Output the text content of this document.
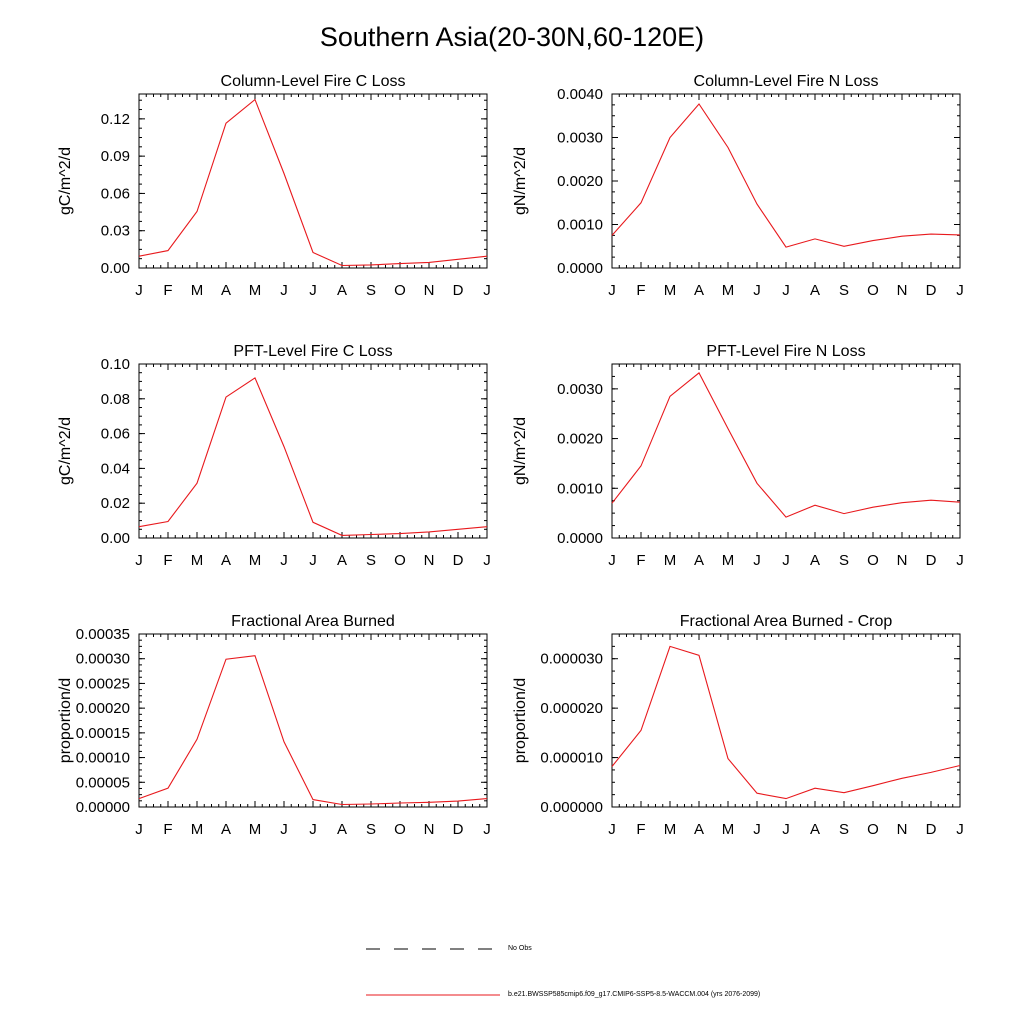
Southern Asia(20-30N,60-120E)
J F M A M J J A S O N D J
0.00
0.03
0.06
0.09
0.12
Column-Level Fire C Loss
gC/m^2/d
J F M A M J J A S O N D J
0.0000
0.0010
0.0020
0.0030
0.0040
Column-Level Fire N Loss
gN/m^2/d
J F M A M J J A S O N D J
0.00
0.02
0.04
0.06
0.08
0.10
PFT-Level Fire C Loss
gC/m^2/d
J F M A M J J A S O N D J
0.0000
0.0010
0.0020
0.0030
PFT-Level Fire N Loss
gN/m^2/d
J F M A M J J A S O N D J
0.00000
0.00005
0.00010
0.00015
0.00020
0.00025
0.00030
0.00035
Fractional Area Burned
proportion/d
J F M A M J J A S O N D J
0.000000
0.000010
0.000020
0.000030
Fractional Area Burned - Crop
proportion/d
No Obs
b.e21.BWSSP585cmip6.f09_g17.CMIP6-SSP5-8.5-WACCM.004 (yrs 2076-2099)
